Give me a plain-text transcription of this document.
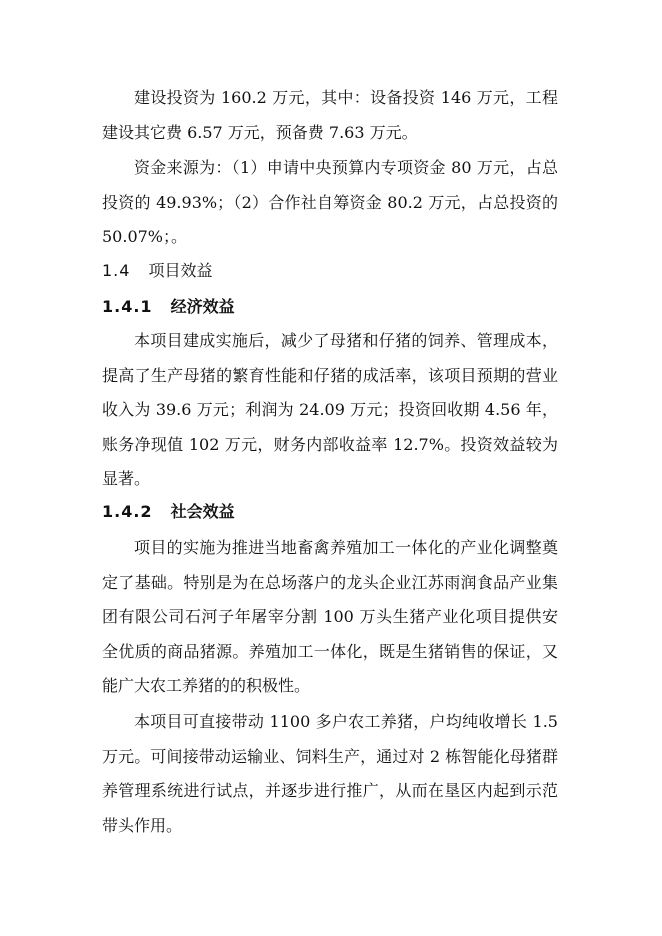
建设投资为 160.2 万元，其中：设备投资 146 万元，工程建设其它费 6.57 万元，预备费 7.63 万元。

资金来源为：（1）申请中央预算内专项资金 80 万元，占总投资的 49.93%；（2）合作社自筹资金 80.2 万元，占总投资的 50.07%；。

1.4 项目效益
1.4.1 经济效益

本项目建成实施后，减少了母猪和仔猪的饲养、管理成本，提高了生产母猪的繁育性能和仔猪的成活率，该项目预期的营业收入为 39.6 万元；利润为 24.09 万元；投资回收期 4.56 年，账务净现值 102 万元，财务内部收益率 12.7%。投资效益较为显著。

1.4.2 社会效益

项目的实施为推进当地畜禽养殖加工一体化的产业化调整奠定了基础。特别是为在总场落户的龙头企业江苏雨润食品产业集团有限公司石河子年屠宰分割 100 万头生猪产业化项目提供安全优质的商品猪源。养殖加工一体化，既是生猪销售的保证，又能广大农工养猪的的积极性。

本项目可直接带动 1100 多户农工养猪，户均纯收增长 1.5 万元。可间接带动运输业、饲料生产，通过对 2 栋智能化母猪群养管理系统进行试点，并逐步进行推广，从而在垦区内起到示范带头作用。
